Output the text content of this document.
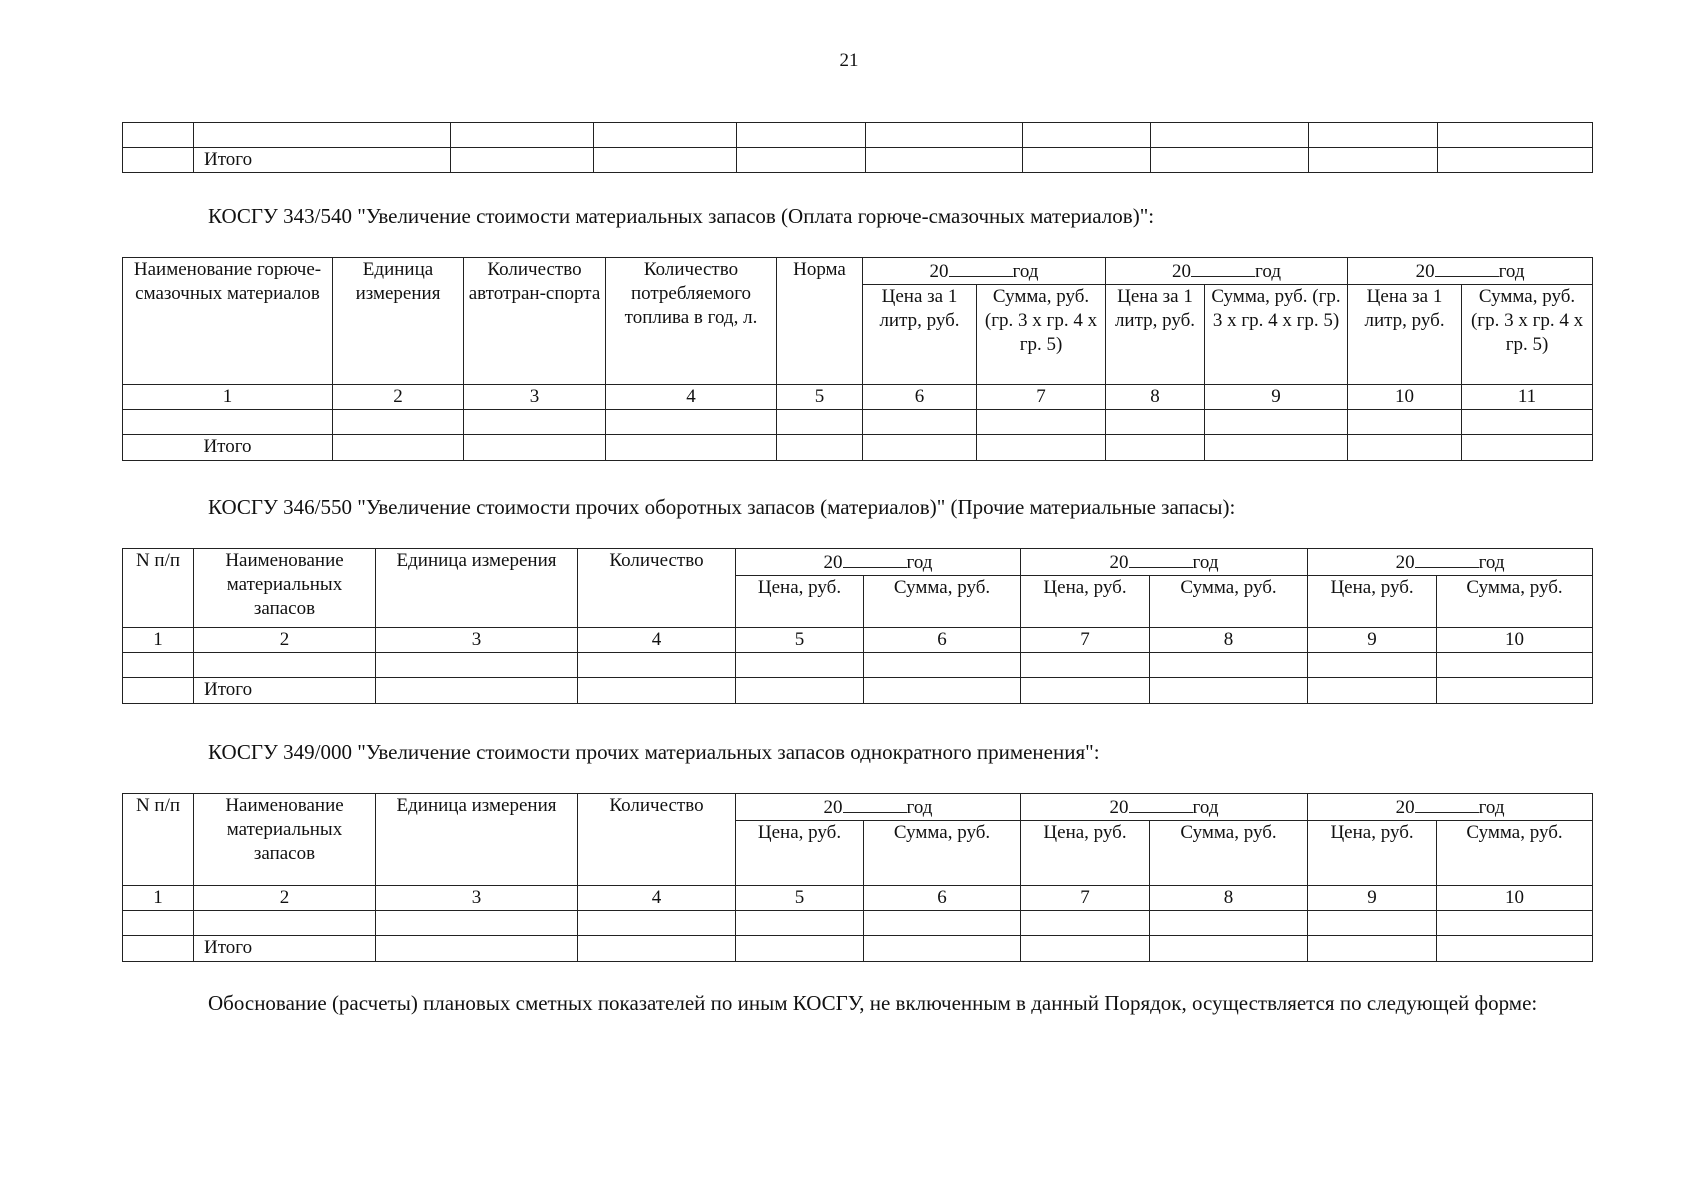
21

	Итого								
КОСГУ 343/540 "Увеличение стоимости материальных запасов (Оплата горюче-смазочных материалов)":
Наименование горюче-смазочных материалов	Единица измерения	Количество автотран-спорта	Количество потребляемого топлива в год, л.	Норма	20 год		20 год		20 год	
					Цена за 1 литр, руб.	Сумма, руб. (гр. 3 х гр. 4 х гр. 5)	Цена за 1 литр, руб.	Сумма, руб. (гр. 3 х гр. 4 х гр. 5)	Цена за 1 литр, руб.	Сумма, руб. (гр. 3 х гр. 4 х гр. 5)
1	2	3	4	5	6	7	8	9	10	11

Итого										
КОСГУ 346/550 "Увеличение стоимости прочих оборотных запасов (материалов)" (Прочие материальные запасы):
N п/п	Наименование материальных запасов	Единица измерения	Количество	20 год		20 год		20 год	
				Цена, руб.	Сумма, руб.	Цена, руб.	Сумма, руб.	Цена, руб.	Сумма, руб.
1	2	3	4	5	6	7	8	9	10

	Итого								
КОСГУ 349/000 "Увеличение стоимости прочих материальных запасов однократного применения":
N п/п	Наименование материальных запасов	Единица измерения	Количество	20 год		20 год		20 год	
				Цена, руб.	Сумма, руб.	Цена, руб.	Сумма, руб.	Цена, руб.	Сумма, руб.
1	2	3	4	5	6	7	8	9	10

	Итого								
Обоснование (расчеты) плановых сметных показателей по иным КОСГУ, не включенным в данный Порядок, осуществляется по следующей форме:
